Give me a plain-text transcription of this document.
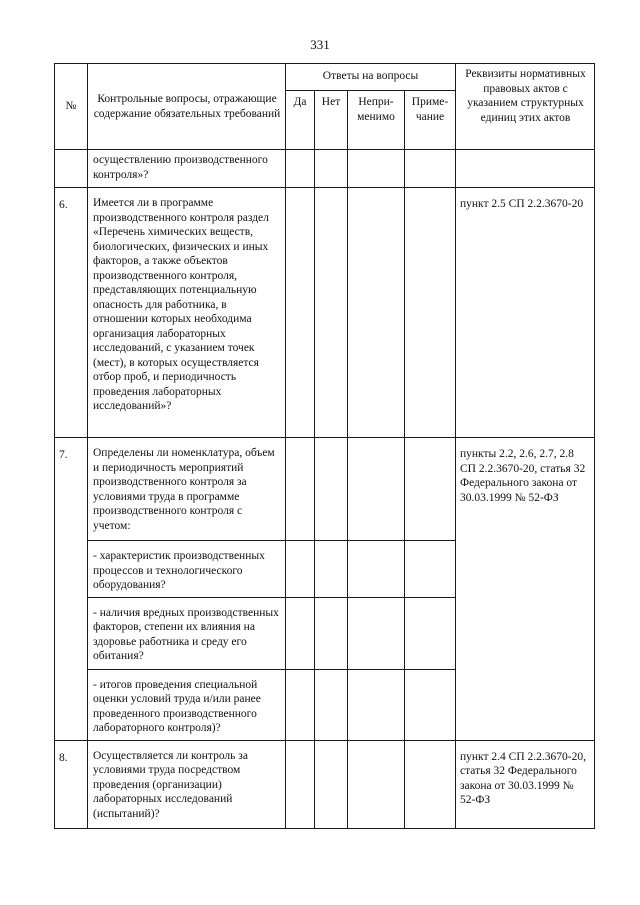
331
№	Контрольные вопросы, отражающие содержание обязательных требований	Ответы на вопросы				Реквизиты нормативных правовых актов с указанием структурных единиц этих актов
		Да	Нет	Непри-менимо	Приме-чание	
	осуществлению производственного контроля»?					
6.	Имеется ли в программе производственного контроля раздел «Перечень химических веществ, биологических, физических и иных факторов, а также объектов производственного контроля, представляющих потенциальную опасность для работника, в отношении которых необходима организация лабораторных исследований, с указанием точек (мест), в которых осуществляется отбор проб, и периодичность проведения лабораторных исследований»?					пункт 2.5 СП 2.2.3670-20
7.	Определены ли номенклатура, объем и периодичность мероприятий производственного контроля за условиями труда в программе производственного контроля с учетом:					пункты 2.2, 2.6, 2.7, 2.8 СП 2.2.3670-20, статья 32 Федерального закона от 30.03.1999 № 52-ФЗ
	- характеристик производственных процессов и технологического оборудования?					
	- наличия вредных производственных факторов, степени их влияния на здоровье работника и среду его обитания?					
	- итогов проведения специальной оценки условий труда и/или ранее проведенного производственного лабораторного контроля)?					
8.	Осуществляется ли контроль за условиями труда посредством проведения (организации) лабораторных исследований (испытаний)?					пункт 2.4 СП 2.2.3670-20, статья 32 Федерального закона от 30.03.1999 № 52-ФЗ
